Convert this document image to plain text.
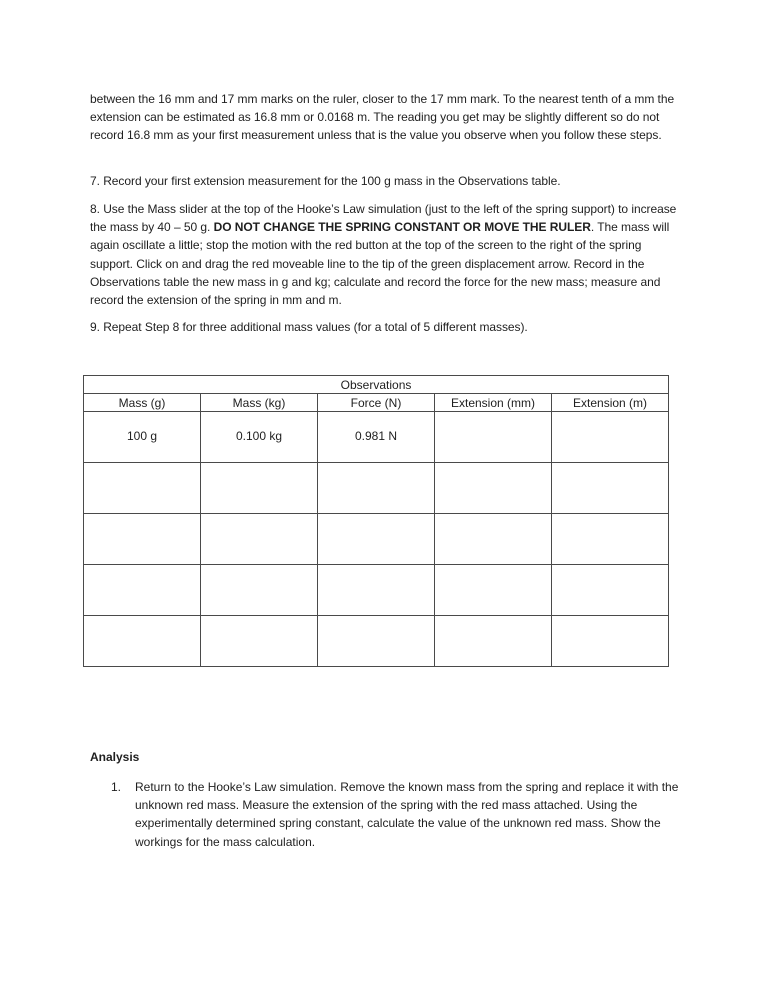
between the 16 mm and 17 mm marks on the ruler, closer to the 17 mm mark. To the nearest tenth of a mm the extension can be estimated as 16.8 mm or 0.0168 m. The reading you get may be slightly different so do not record 16.8 mm as your first measurement unless that is the value you observe when you follow these steps.

7. Record your first extension measurement for the 100 g mass in the Observations table.

8. Use the Mass slider at the top of the Hooke’s Law simulation (just to the left of the spring support) to increase the mass by 40 – 50 g. DO NOT CHANGE THE SPRING CONSTANT OR MOVE THE RULER. The mass will again oscillate a little; stop the motion with the red button at the top of the screen to the right of the spring support. Click on and drag the red moveable line to the tip of the green displacement arrow. Record in the Observations table the new mass in g and kg; calculate and record the force for the new mass; measure and record the extension of the spring in mm and m.

9. Repeat Step 8 for three additional mass values (for a total of 5 different masses).

Observations				

Mass (g)	Mass (kg)	Force (N)	Extension (mm)	Extension (m)

100 g	0.100 kg	0.981 N		

Analysis
1. Return to the Hooke’s Law simulation. Remove the known mass from the spring and replace it with the unknown red mass. Measure the extension of the spring with the red mass attached. Using the experimentally determined spring constant, calculate the value of the unknown red mass. Show the workings for the mass calculation.
